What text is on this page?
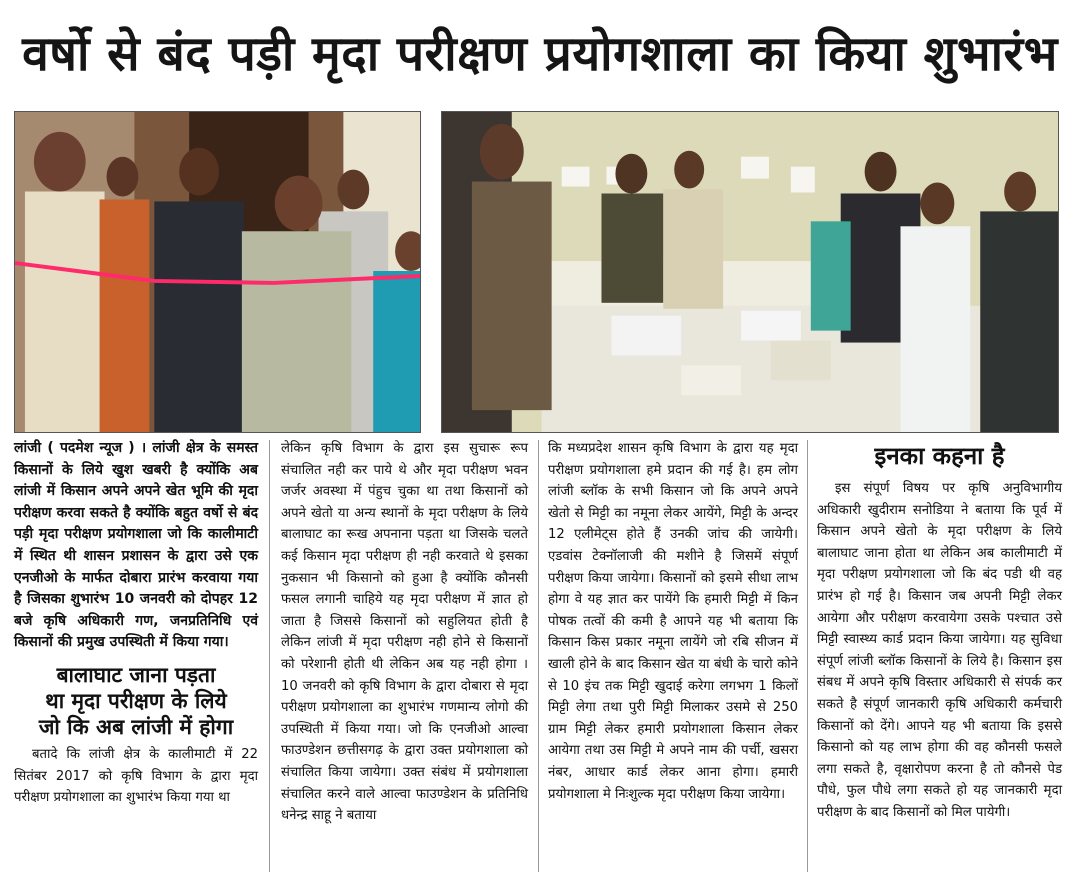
वर्षो से बंद पड़ी मृदा परीक्षण प्रयोगशाला का किया शुभारंभ

लांजी ( पदमेश न्यूज ) । लांजी क्षेत्र के समस्त किसानों के लिये खुश खबरी है क्योंकि अब लांजी में किसान अपने अपने खेत भूमि की मृदा परीक्षण करवा सकते है क्योंकि बहुत वर्षो से बंद पड़ी मृदा परीक्षण प्रयोगशाला जो कि कालीमाटी में स्थित थी शासन प्रशासन के द्वारा उसे एक एनजीओ के मार्फत दोबारा प्रारंभ करवाया गया है जिसका शुभारंभ 10 जनवरी को दोपहर 12 बजे कृषि अधिकारी गण, जनप्रतिनिधि एवं किसानों की प्रमुख उपस्थिती में किया गया।

बालाघाट जाना पड़ता
था मृदा परीक्षण के लिये
जो कि अब लांजी में होगा

बतादे कि लांजी क्षेत्र के कालीमाटी में 22 सितंबर 2017 को कृषि विभाग के द्वारा मृदा परीक्षण प्रयोगशाला का शुभारंभ किया गया था

लेकिन कृषि विभाग के द्वारा इस सुचारू रूप संचालित नही कर पाये थे और मृदा परीक्षण भवन जर्जर अवस्था में पंहुच चुका था तथा किसानों को अपने खेतो या अन्य स्थानों के मृदा परीक्षण के लिये बालाघाट का रूख अपनाना पड़ता था जिसके चलते कई किसान मृदा परीक्षण ही नही करवाते थे इसका नुकसान भी किसानो को हुआ है क्योंकि कौनसी फसल लगानी चाहिये यह मृदा परीक्षण में ज्ञात हो जाता है जिससे किसानों को सहुलियत होती है लेकिन लांजी में मृदा परीक्षण नही होने से किसानों को परेशानी होती थी लेकिन अब यह नही होगा । 10 जनवरी को कृषि विभाग के द्वारा दोबारा से मृदा परीक्षण प्रयोगशाला का शुभारंभ गणमान्य लोगो की उपस्थिती में किया गया। जो कि एनजीओ आल्वा फाउण्डेशन छत्तीसगढ़ के द्वारा उक्त प्रयोगशाला को संचालित किया जायेगा। उक्त संबंध में प्रयोगशाला संचालित करने वाले आल्वा फाउण्डेशन के प्रतिनिधि धनेन्द्र साहू ने बताया

कि मध्यप्रदेश शासन कृषि विभाग के द्वारा यह मृदा परीक्षण प्रयोगशाला हमे प्रदान की गई है। हम लोग लांजी ब्लॉक के सभी किसान जो कि अपने अपने खेतो से मिट्टी का नमूना लेकर आयेंगे, मिट्टी के अन्दर 12 एलीमेट्स होते हैं उनकी जांच की जायेगी। एडवांस टेक्नॉलाजी की मशीने है जिसमें संपूर्ण परीक्षण किया जायेगा। किसानों को इसमे सीधा लाभ होगा वे यह ज्ञात कर पायेंगे कि हमारी मिट्टी में किन पोषक तत्वों की कमी है आपने यह भी बताया कि किसान किस प्रकार नमूना लायेंगे जो रबि सीजन में खाली होने के बाद किसान खेत या बंधी के चारो कोने से 10 इंच तक मिट्टी खुदाई करेगा लगभग 1 किलों मिट्टी लेगा तथा पुरी मिट्टी मिलाकर उसमे से 250 ग्राम मिट्टी लेकर हमारी प्रयोगशाला किसान लेकर आयेगा तथा उस मिट्टी मे अपने नाम की पर्ची, खसरा नंबर, आधार कार्ड लेकर आना होगा। हमारी प्रयोगशाला मे निःशुल्क मृदा परीक्षण किया जायेगा।

इनका कहना है

इस संपूर्ण विषय पर कृषि अनुविभागीय अधिकारी खुदीराम सनोडिया ने बताया कि पूर्व में किसान अपने खेतो के मृदा परीक्षण के लिये बालाघाट जाना होता था लेकिन अब कालीमाटी में मृदा परीक्षण प्रयोगशाला जो कि बंद पडी थी वह प्रारंभ हो गई है। किसान जब अपनी मिट्टी लेकर आयेगा और परीक्षण करवायेगा उसके पश्चात उसे मिट्टी स्वास्थ्य कार्ड प्रदान किया जायेगा। यह सुविधा संपूर्ण लांजी ब्लॉक किसानों के लिये है। किसान इस संबध में अपने कृषि विस्तार अधिकारी से संपर्क कर सकते है संपूर्ण जानकारी कृषि अधिकारी कर्मचारी किसानों को देंगे। आपने यह भी बताया कि इससे किसानो को यह लाभ होगा की वह कौनसी फसले लगा सकते है, वृक्षारोपण करना है तो कौनसे पेड पौधे, फुल पौधे लगा सकते हो यह जानकारी मृदा परीक्षण के बाद किसानों को मिल पायेगी।
